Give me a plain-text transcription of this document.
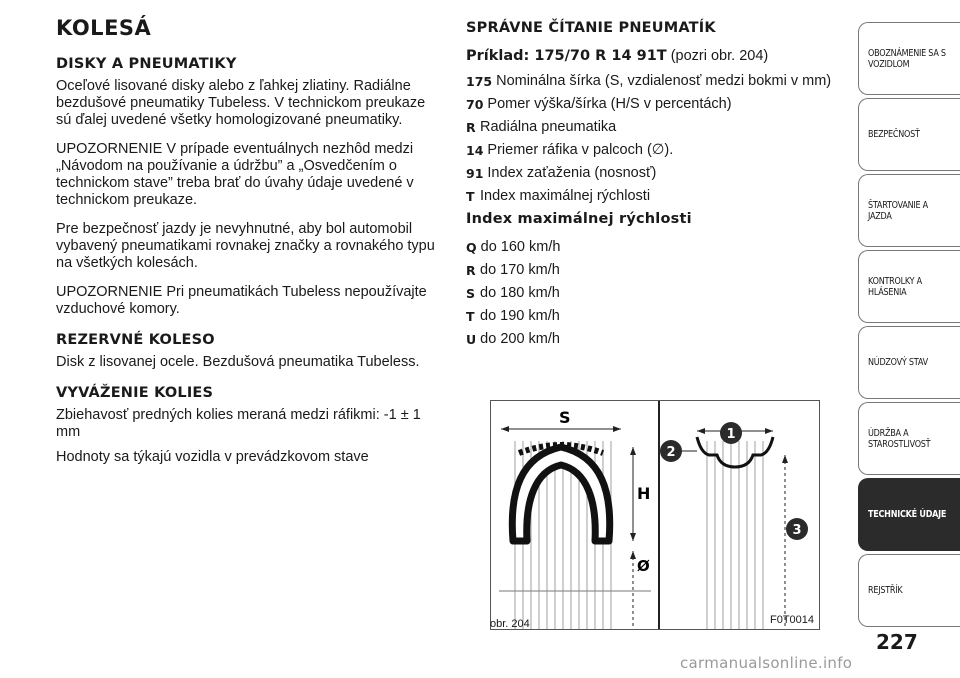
KOLESÁ
DISKY A PNEUMATIKY

Oceľové lisované disky alebo z ľahkej zliatiny. Radiálne bezdušové pneumatiky Tubeless. V technickom preukaze sú ďalej uvedené všetky homologizované pneumatiky.

UPOZORNENIE V prípade eventuálnych nezhôd medzi „Návodom na používanie a údržbu” a „Osvedčením o technickom stave” treba brať do úvahy údaje uvedené v technickom preukaze.

Pre bezpečnosť jazdy je nevyhnutné, aby bol automobil vybavený pneumatikami rovnakej značky a rovnakého typu na všetkých kolesách.

UPOZORNENIE Pri pneumatikách Tubeless nepoužívajte vzduchové komory.

REZERVNÉ KOLESO

Disk z lisovanej ocele. Bezdušová pneumatika Tubeless.

VYVÁŽENIE KOLIES

Zbiehavosť predných kolies meraná medzi ráfikmi: -1 ± 1 mm

Hodnoty sa týkajú vozidla v prevádzkovom stave

SPRÁVNE ČÍTANIE PNEUMATÍK
Príklad: 175/70 R 14 91T (pozri obr. 204)
175 Nominálna šírka (S, vzdialenosť medzi bokmi v mm)
70 Pomer výška/šírka (H/S v percentách)
R Radiálna pneumatika
14 Priemer ráfika v palcoch (∅).
91 Index zaťaženia (nosnosť)
T Index maximálnej rýchlosti
Index maximálnej rýchlosti
Q do 160 km/h
R do 170 km/h
S do 180 km/h
T do 190 km/h
U do 200 km/h
S
H
Ø
1
2
3
obr. 204	F0T0014
OBOZNÁMENIE SA S VOZIDLOM
BEZPEČNOSŤ
ŠTARTOVANIE A JAZDA
KONTROLKY A HLÁSENIA
NÚDZOVÝ STAV
ÚDRŽBA A STAROSTLIVOSŤ
TECHNICKÉ ÚDAJE
REJSTŘÍK
227
carmanualsonline.info
